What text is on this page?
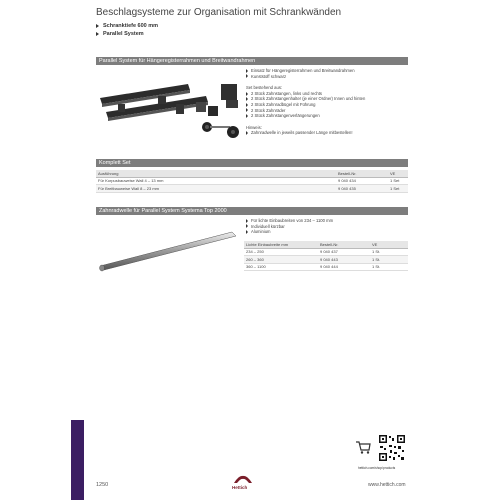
Beschlagsysteme zur Organisation mit Schrankwänden
Schranktiefe 600 mm
Parallel System
Parallel System für Hängeregisterrahmen und Breitwandrahmen
Einsatz für Hängeregisterrahmen und Breitwandrahmen
Kunststoff schwarz
Set bestehend aus:
2 Stück Zahnstangen, links und rechts
2 Stück Zahnstangenhalter (je einer Ordner) Innen und hinten
2 Stück Zahnradbügel mit Führung
2 Stück Zahnräder
2 Stück Zahnstangenverlängerungen
Hinweis:
Zahnradwelle in jeweils passender Länge mitbestellen!
Komplett Set
Ausführung	Bestell-Nr.	VE
Für Korpusbauweise Wall 4 – 13 mm	9 040 434	1 Set
Für Breitbauweise Wall 8 – 23 mm	9 040 435	1 Set
Zahnradwelle für Parallel System Systema Top 2000
Für lichte Einbaubreiten von 234 – 1100 mm
Individuell kürzbar
Aluminium
Lichte Einbaubreite mm	Bestell-Nr.	VE
234 – 250	9 040 437	1 St.
260 – 360	9 040 443	1 St.
360 – 1100	9 040 444	1 St.
hettich.com/shop/products
1250	Hettich	www.hettich.com
